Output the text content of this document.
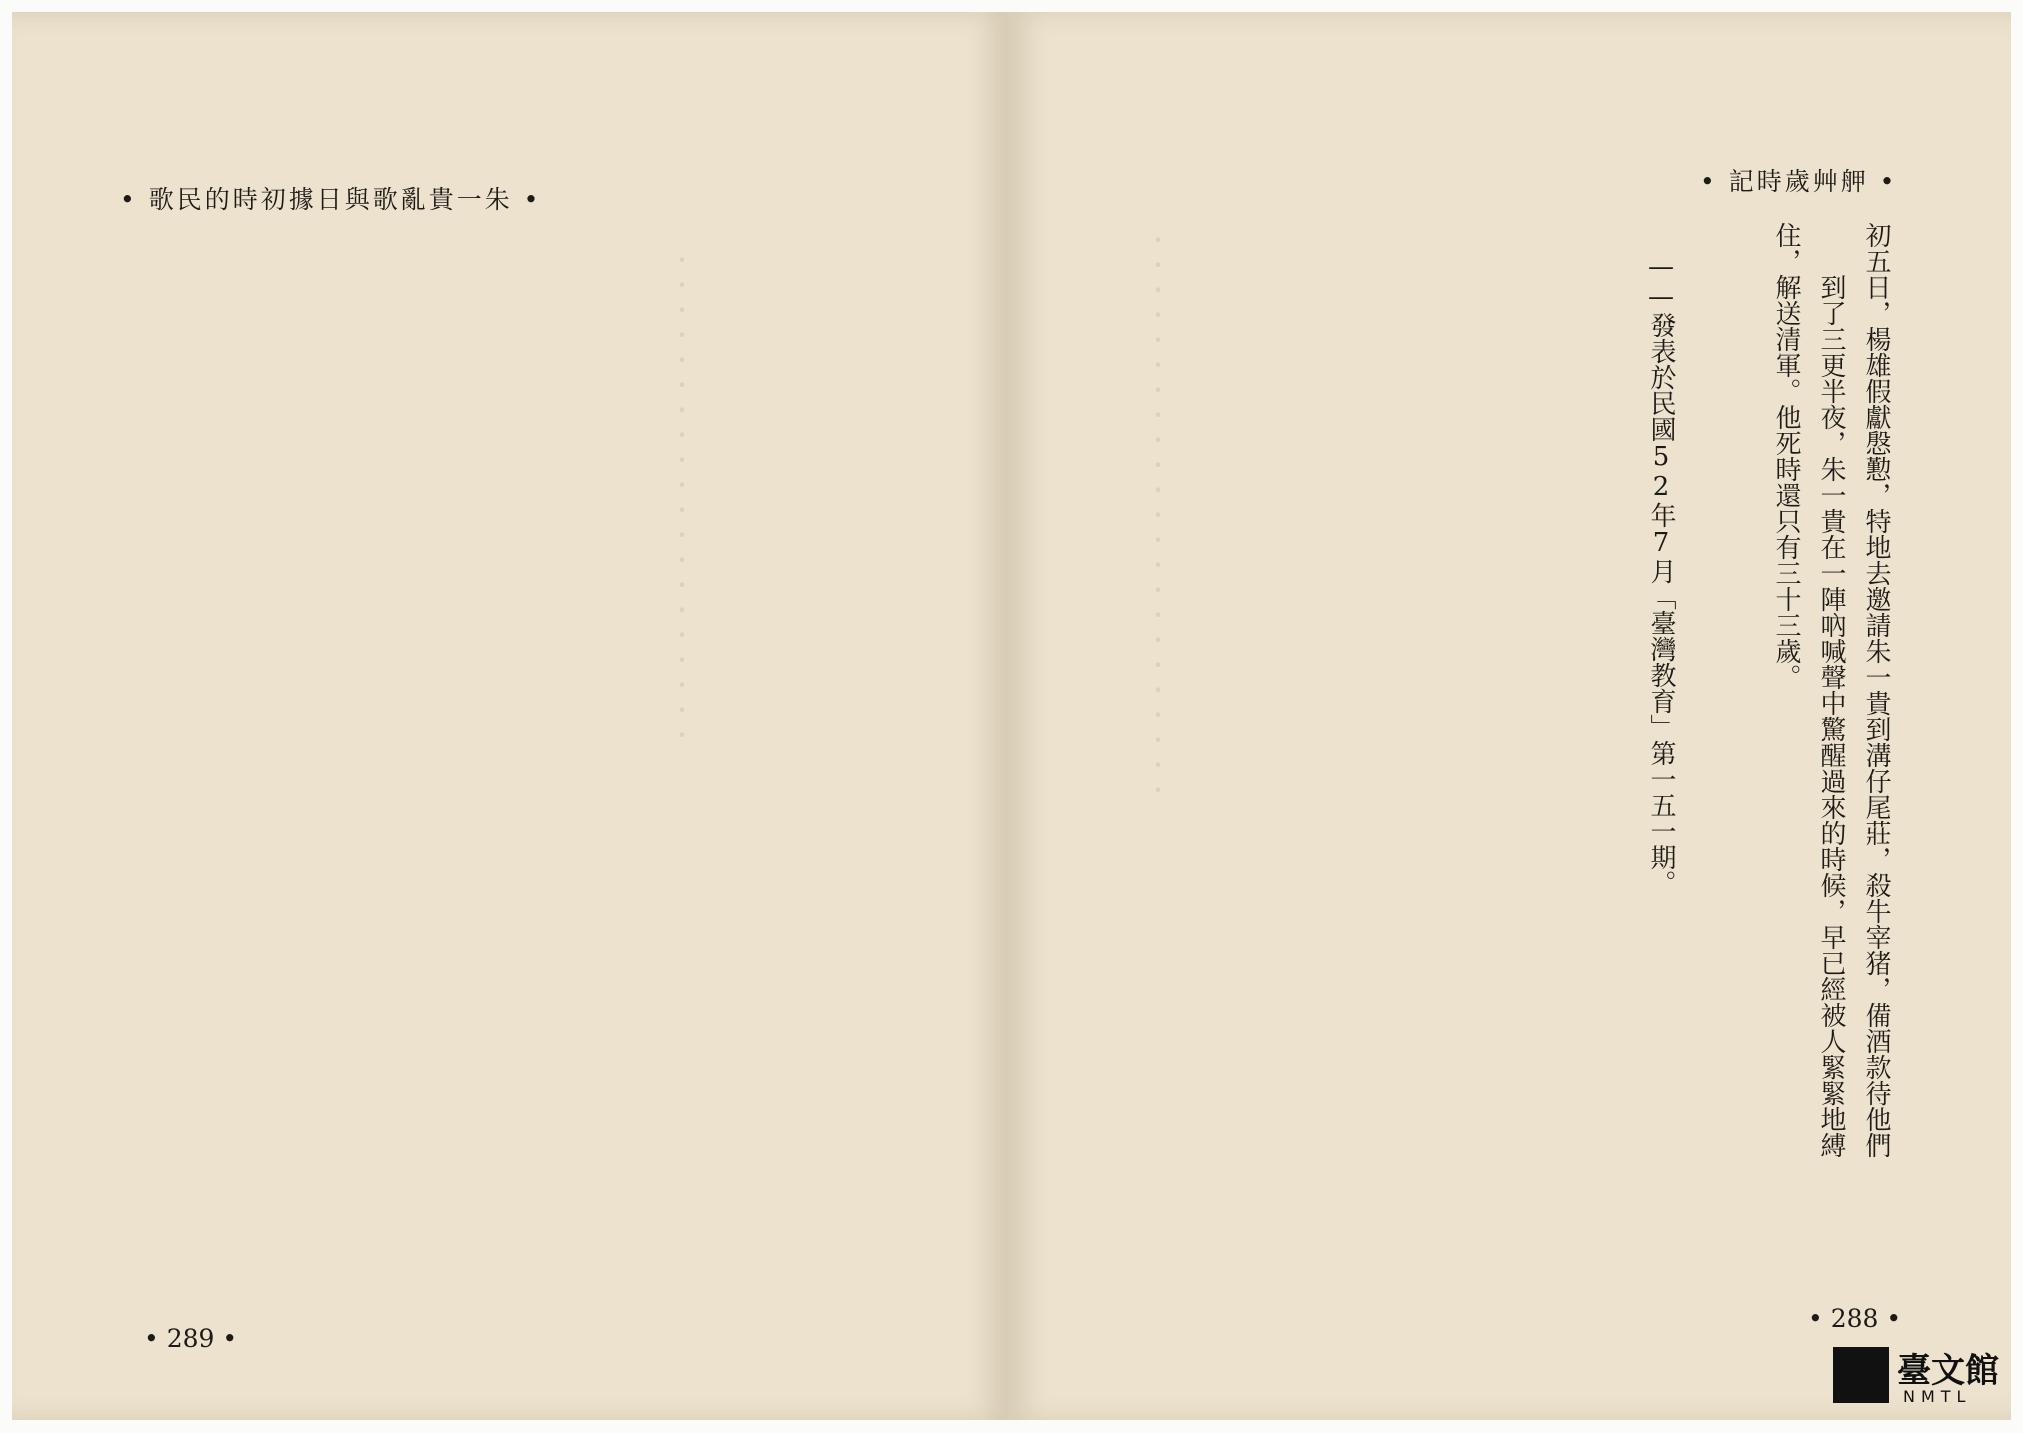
• 歌民的時初據日與歌亂貴一朱 •
・・・・・・・・・・・・・・・・・・・・
• 289 •
• 記時歲艸舺 •
初五日，楊雄假獻慇懃，特地去邀請朱一貴到溝仔尾莊，殺牛宰猪，備酒款待他們
到了三更半夜，朱一貴在一陣吶喊聲中驚醒過來的時候，早已經被人緊緊地縛
住，解送清軍。他死時還只有三十三歲。
——發表於民國52年7月「臺灣教育」第一五一期。
・・・・・・・・・・・・・・・・・・・・・・・
• 288 •
臺文館
NMTL
